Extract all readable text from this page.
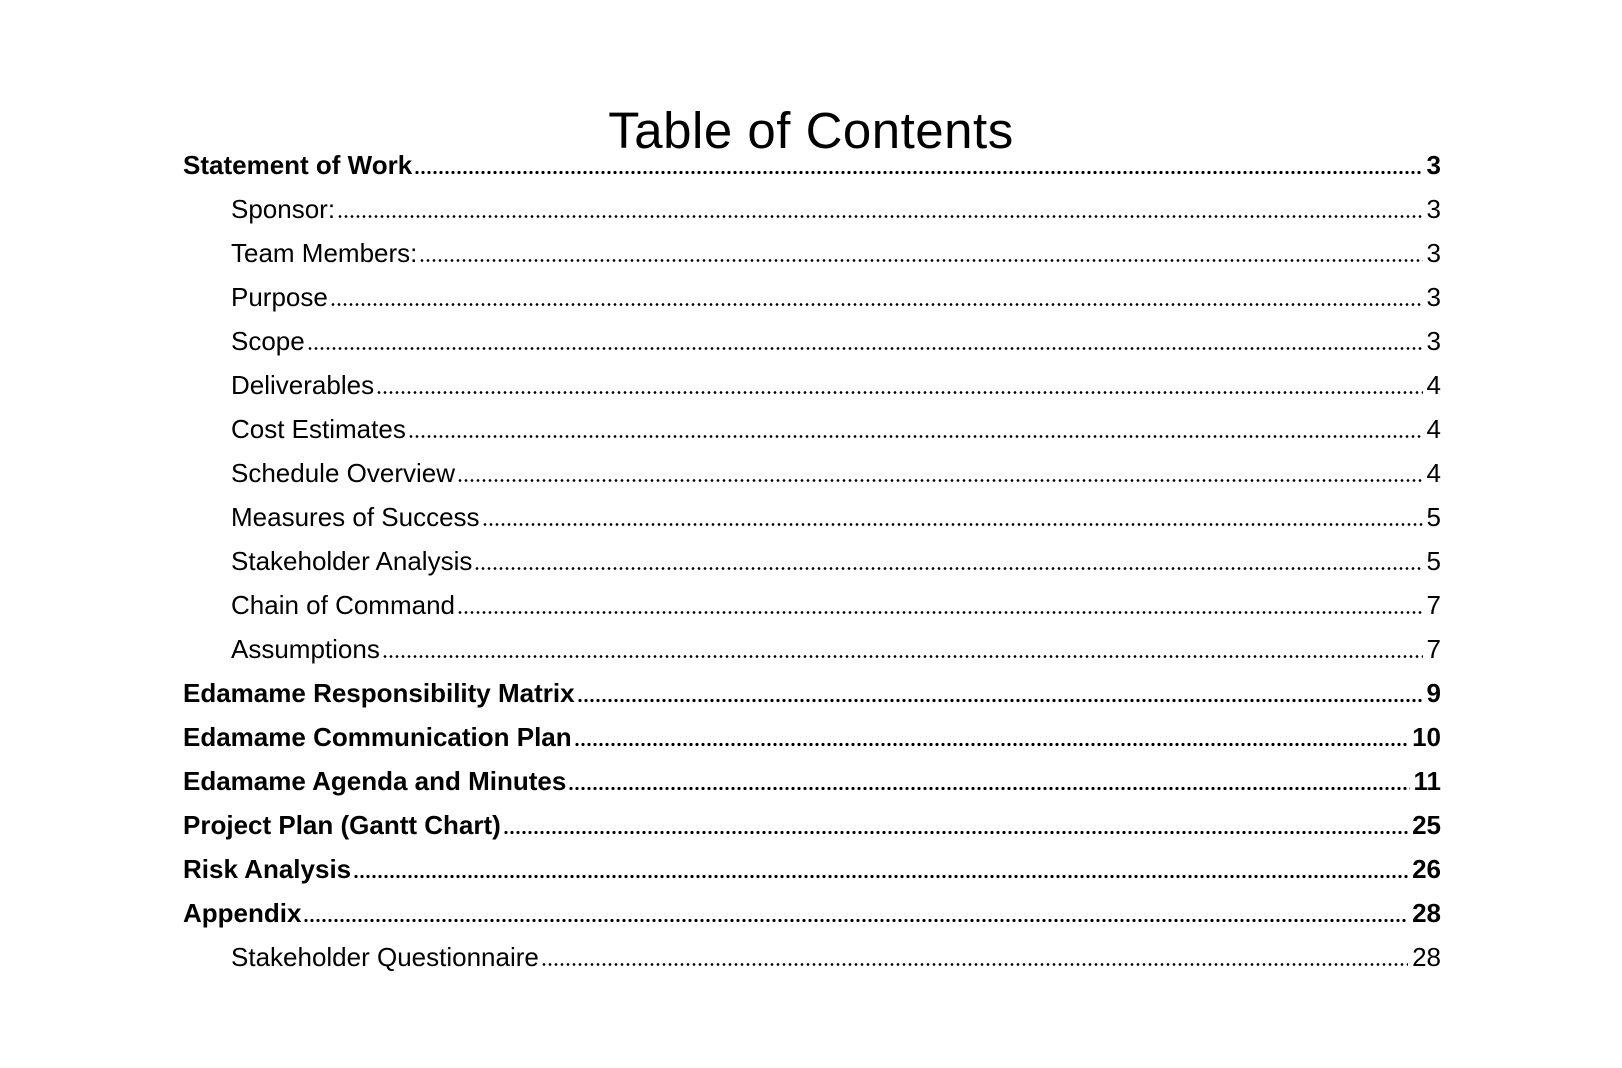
Table of Contents
Statement of Work	3
Sponsor:	3
Team Members:	3
Purpose	3
Scope	3
Deliverables	4
Cost Estimates	4
Schedule Overview	4
Measures of Success	5
Stakeholder Analysis	5
Chain of Command	7
Assumptions	7
Edamame Responsibility Matrix	9
Edamame Communication Plan	10
Edamame Agenda and Minutes	11
Project Plan (Gantt Chart)	25
Risk Analysis	26
Appendix	28
Stakeholder Questionnaire	28
